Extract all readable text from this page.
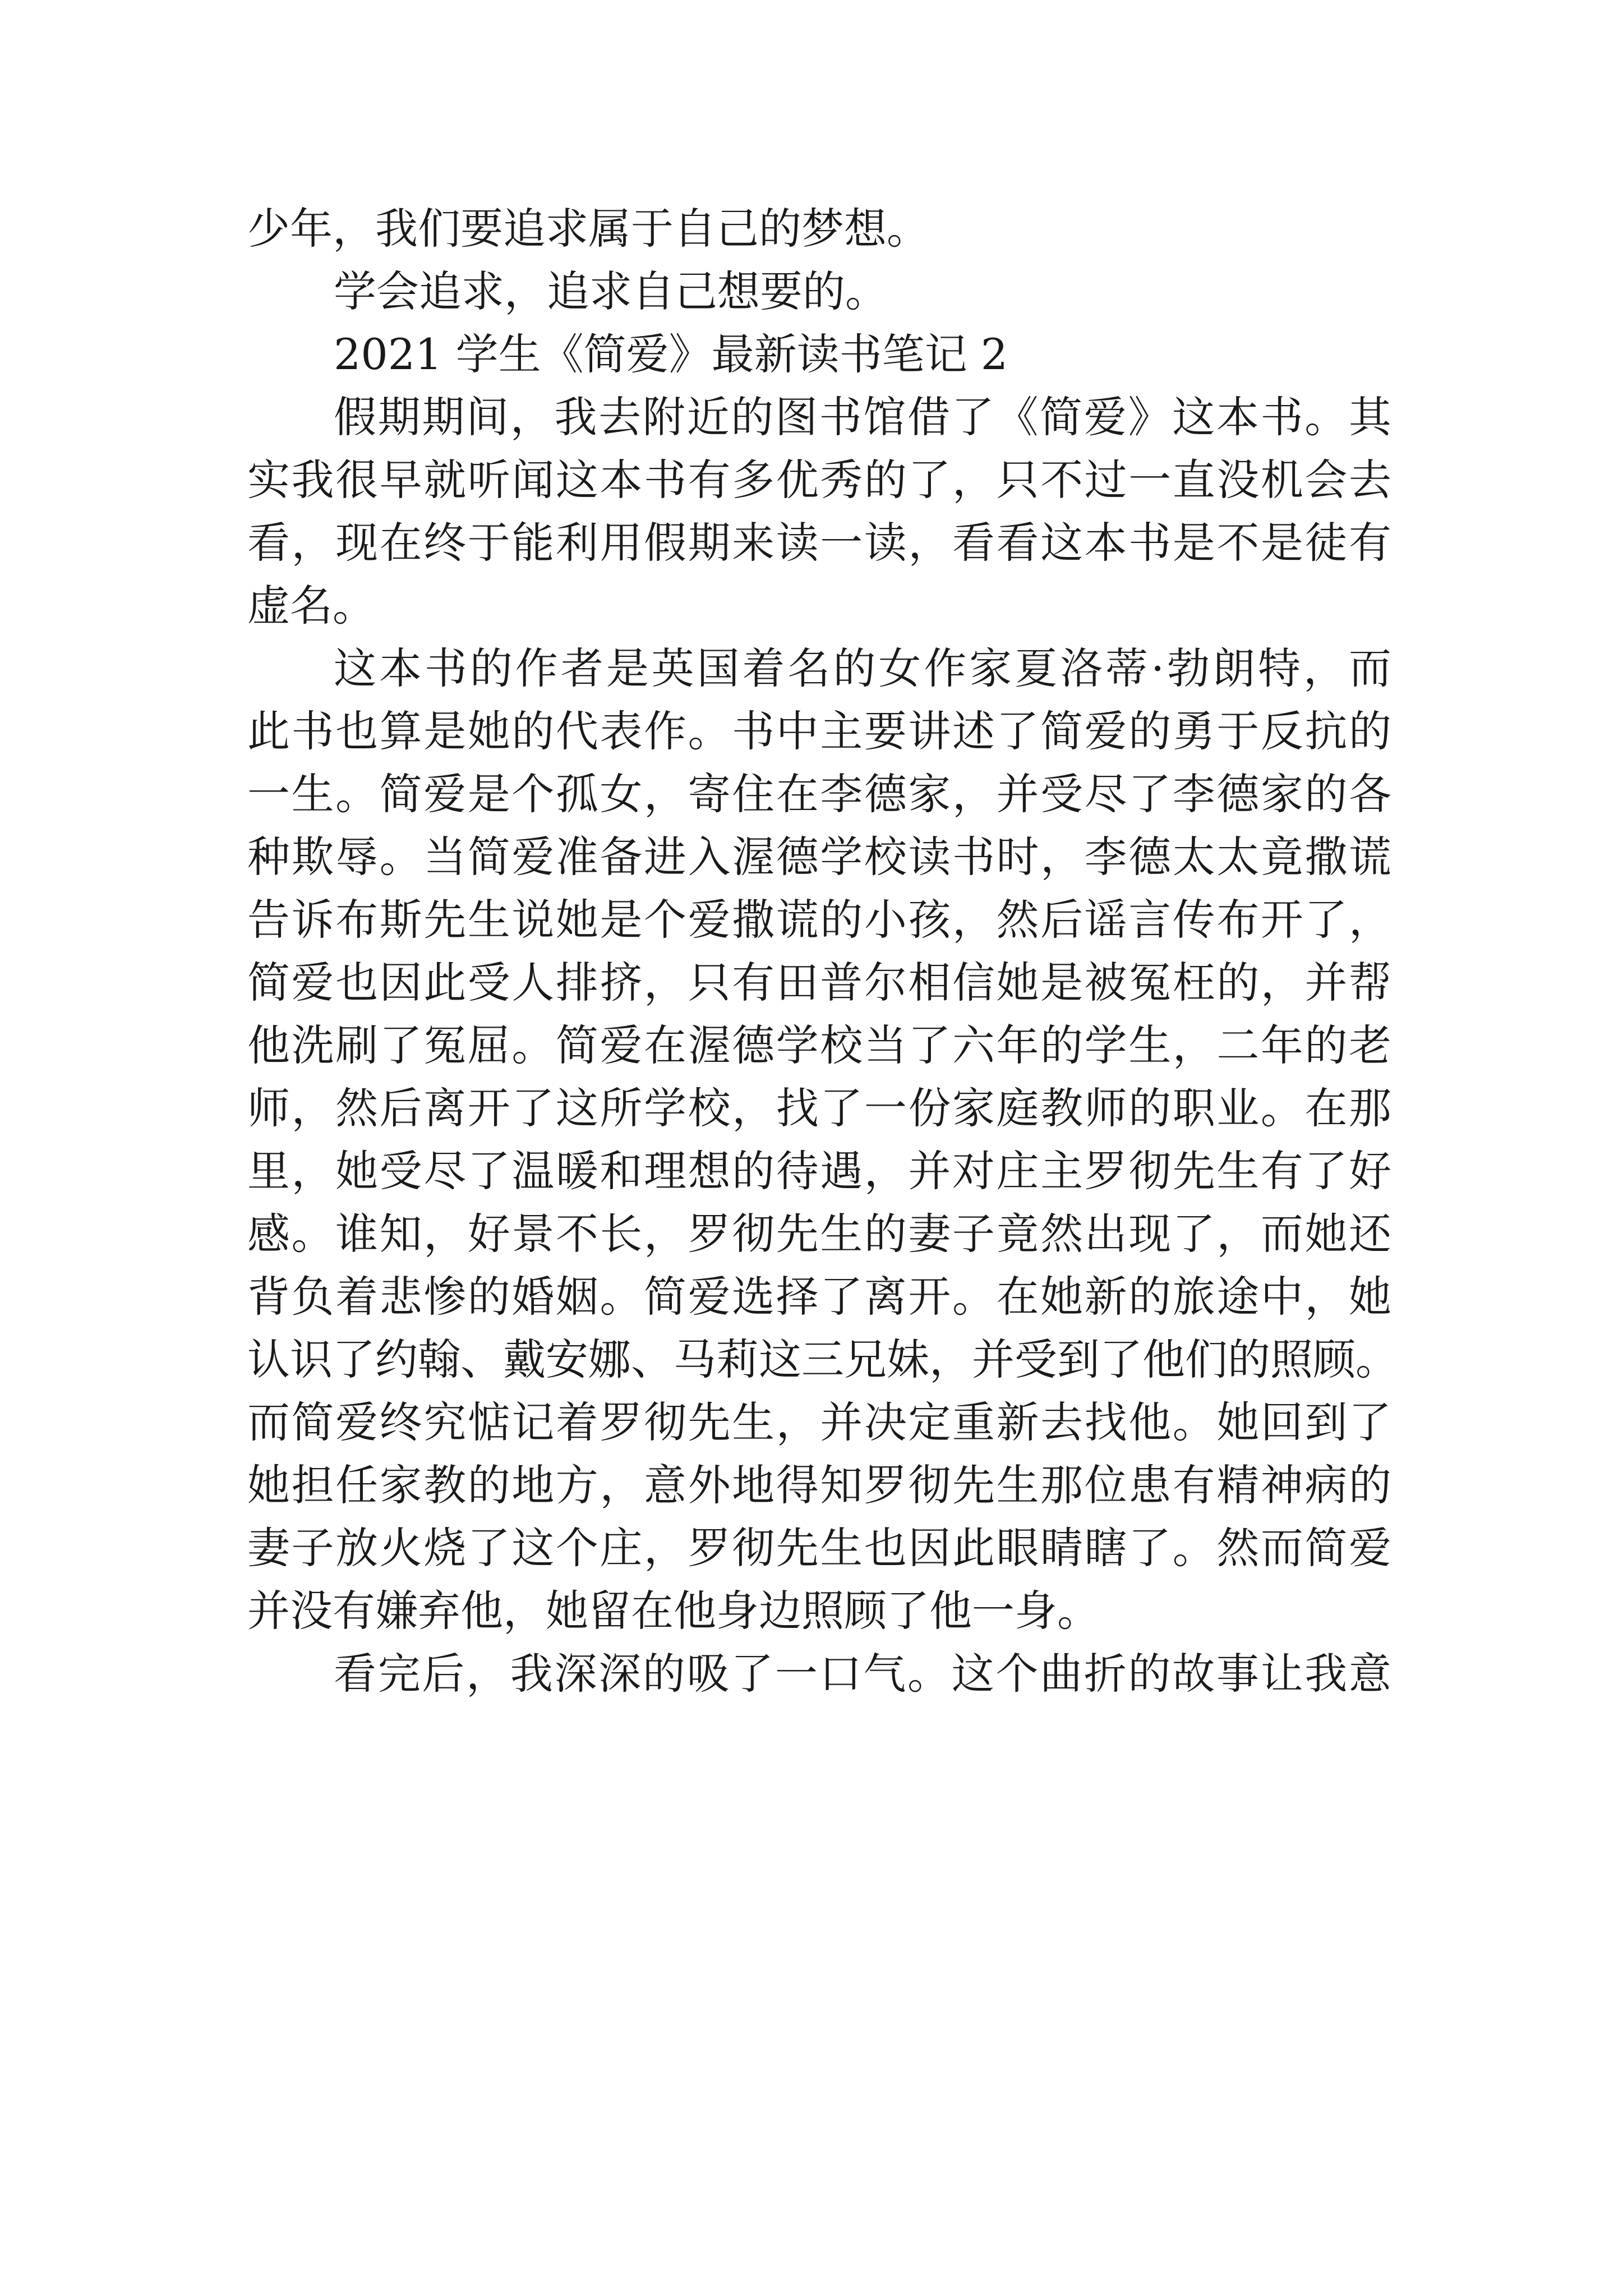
少年，我们要追求属于自己的梦想。
学会追求，追求自己想要的。
2021 学生《简爱》最新读书笔记 2
假期期间，我去附近的图书馆借了《简爱》这本书。其
实我很早就听闻这本书有多优秀的了，只不过一直没机会去
看，现在终于能利用假期来读一读，看看这本书是不是徒有
虚名。
这本书的作者是英国着名的女作家夏洛蒂·勃朗特，而
此书也算是她的代表作。书中主要讲述了简爱的勇于反抗的
一生。简爱是个孤女，寄住在李德家，并受尽了李德家的各
种欺辱。当简爱准备进入渥德学校读书时，李德太太竟撒谎
告诉布斯先生说她是个爱撒谎的小孩，然后谣言传布开了，
简爱也因此受人排挤，只有田普尔相信她是被冤枉的，并帮
他洗刷了冤屈。简爱在渥德学校当了六年的学生，二年的老
师，然后离开了这所学校，找了一份家庭教师的职业。在那
里，她受尽了温暖和理想的待遇，并对庄主罗彻先生有了好
感。谁知，好景不长，罗彻先生的妻子竟然出现了，而她还
背负着悲惨的婚姻。简爱选择了离开。在她新的旅途中，她
认识了约翰、戴安娜、马莉这三兄妹，并受到了他们的照顾。
而简爱终究惦记着罗彻先生，并决定重新去找他。她回到了
她担任家教的地方，意外地得知罗彻先生那位患有精神病的
妻子放火烧了这个庄，罗彻先生也因此眼睛瞎了。然而简爱
并没有嫌弃他，她留在他身边照顾了他一身。
看完后，我深深的吸了一口气。这个曲折的故事让我意
